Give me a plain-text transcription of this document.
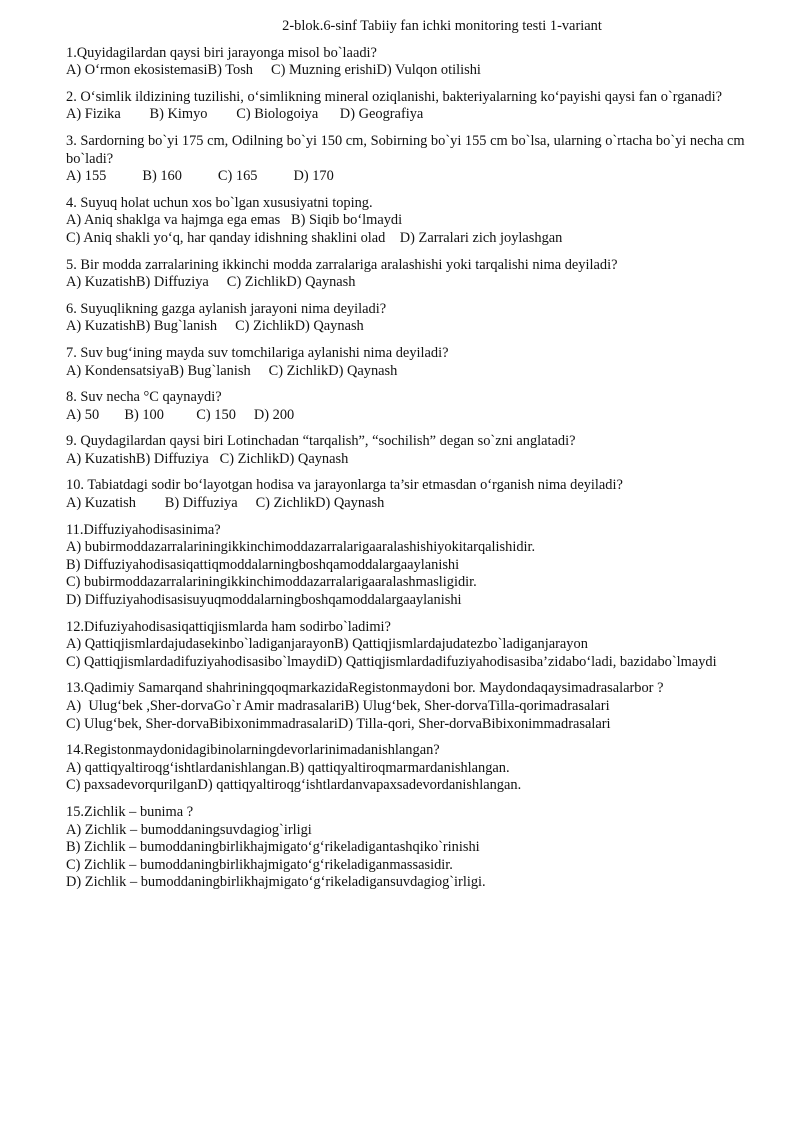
2-blok.6-sinf Tabiiy fan ichki monitoring testi 1-variant
1.Quyidagilardan qaysi biri jarayonga misol bo`laadi?
A) O‘rmon ekosistemasiB) Tosh     C) Muzning erishiD) Vulqon otilishi
2. O‘simlik ildizining tuzilishi, o‘simlikning mineral oziqlanishi, bakteriyalarning ko‘payishi qaysi fan o`rganadi?
A) Fizika        B) Kimyo        C) Biologoiya      D) Geografiya
3. Sardorning bo`yi 175 cm, Odilning bo`yi 150 cm, Sobirning bo`yi 155 cm bo`lsa, ularning o`rtacha bo`yi necha cm bo`ladi?
A) 155          B) 160          C) 165          D) 170
4. Suyuq holat uchun xos bo`lgan xususiyatni toping.
A) Aniq shaklga va hajmga ega emas   B) Siqib bo‘lmaydi
C) Aniq shakli yo‘q, har qanday idishning shaklini olad    D) Zarralari zich joylashgan
5. Bir modda zarralarining ikkinchi modda zarralariga aralashishi yoki tarqalishi nima deyiladi?
A) KuzatishB) Diffuziya     C) ZichlikD) Qaynash
6. Suyuqlikning gazga aylanish jarayoni nima deyiladi?
A) KuzatishB) Bug`lanish     C) ZichlikD) Qaynash
7. Suv bug‘ining mayda suv tomchilariga aylanishi nima deyiladi?
A) KondensatsiyaB) Bug`lanish     C) ZichlikD) Qaynash
8. Suv necha °C qaynaydi?
A) 50       B) 100         C) 150     D) 200
9. Quydagilardan qaysi biri Lotinchadan “tarqalish”, “sochilish” degan so`zni anglatadi?
A) KuzatishB) Diffuziya   C) ZichlikD) Qaynash
10. Tabiatdagi sodir bo‘layotgan hodisa va jarayonlarga ta’sir etmasdan o‘rganish nima deyiladi?
A) Kuzatish        B) Diffuziya     C) ZichlikD) Qaynash
11.Diffuziyahodisasinima?
A) bubirmoddazarralariningikkinchimoddazarralarigaaralashishiyokitarqalishidir.
B) Diffuziyahodisasiqattiqmoddalarningboshqamoddalargaaylanishi
C) bubirmoddazarralariningikkinchimoddazarralarigaaralashmasligidir.
D) Diffuziyahodisasisuyuqmoddalarningboshqamoddalargaaylanishi
12.Difuziyahodisasiqattiqjismlarda ham sodirbo`ladimi?
A) Qattiqjismlardajudasekinbo`ladiganjarayonB) Qattiqjismlardajudatezbo`ladiganjarayon
C) Qattiqjismlardadifuziyahodisasibo`lmaydiD) Qattiqjismlardadifuziyahodisasiba’zidabo‘ladi, bazidabo`lmaydi
13.Qadimiy Samarqand shahriningqoqmarkazidaRegistonmaydoni bor. Maydondaqaysimadrasalarbor ?
A)  Ulug‘bek ,Sher-dorvaGo`r Amir madrasalariB) Ulug‘bek, Sher-dorvaTilla-qorimadrasalari
C) Ulug‘bek, Sher-dorvaBibixonimmadrasalariD) Tilla-qori, Sher-dorvaBibixonimmadrasalari
14.Registonmaydonidagibinolarningdevorlarinimadanishlangan?
A) qattiqyaltiroqg‘ishtlardanishlangan.B) qattiqyaltiroqmarmardanishlangan.
C) paxsadevorqurilganD) qattiqyaltiroqg‘ishtlardanvapaxsadevordanishlangan.
15.Zichlik – bunima ?
A) Zichlik – bumoddaningsuvdagiog`irligi
B) Zichlik – bumoddaningbirlikhajmigato‘g‘rikeladigantashqiko`rinishi
C) Zichlik – bumoddaningbirlikhajmigato‘g‘rikeladiganmassasidir.
D) Zichlik – bumoddaningbirlikhajmigato‘g‘rikeladigansuvdagiog`irligi.
